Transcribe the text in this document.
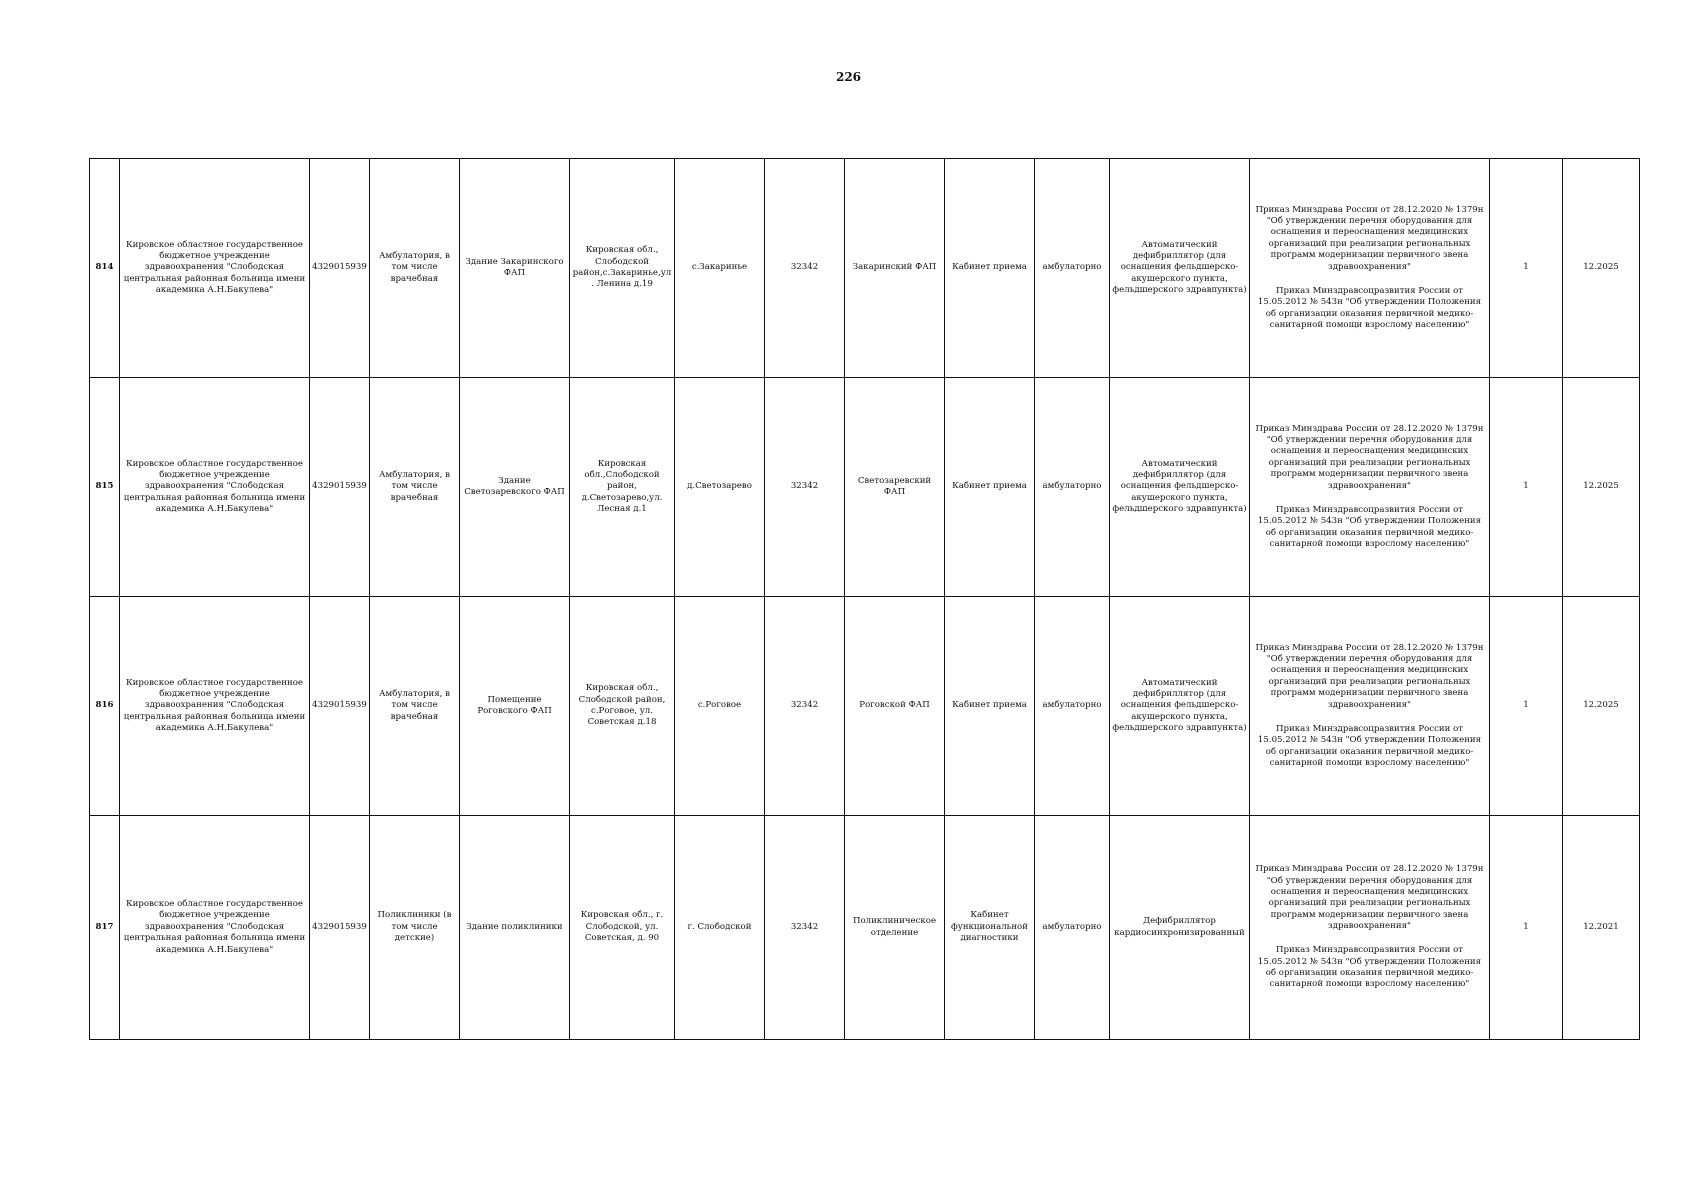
226
814	Кировское областное государственное бюджетное учреждение здравоохранения "Слободская центральная районная больница имени академика А.Н.Бакулева"	4329015939	Амбулатория, в том числе врачебная	Здание Закаринского ФАП	Кировская обл., Слободской район,с.Закаринье,ул. Ленина д.19	с.Закаринье	32342	Закаринский ФАП	Кабинет приема	амбулаторно	Автоматический дефибриллятор (для оснащения фельдшерско-акушерского пункта, фельдшерского здравпункта)	Приказ Минздрава России от 28.12.2020 № 1379н "Об утверждении перечня оборудования для оснащения и переоснащения медицинских организаций при реализации региональных программ модернизации первичного звена здравоохранения"
Приказ Минздравсоцразвития России от 15.05.2012 № 543н "Об утверждении Положения об организации оказания первичной медико-санитарной помощи взрослому населению"	1	12.2025
815	Кировское областное государственное бюджетное учреждение здравоохранения "Слободская центральная районная больница имени академика А.Н.Бакулева"	4329015939	Амбулатория, в том числе врачебная	Здание Светозаревского ФАП	Кировская обл.,Слободской район, д.Светозарево,ул. Лесная д.1	д.Светозарево	32342	Светозаревский ФАП	Кабинет приема	амбулаторно	Автоматический дефибриллятор (для оснащения фельдшерско-акушерского пункта, фельдшерского здравпункта)	Приказ Минздрава России от 28.12.2020 № 1379н "Об утверждении перечня оборудования для оснащения и переоснащения медицинских организаций при реализации региональных программ модернизации первичного звена здравоохранения"
Приказ Минздравсоцразвития России от 15.05.2012 № 543н "Об утверждении Положения об организации оказания первичной медико-санитарной помощи взрослому населению"	1	12.2025
816	Кировское областное государственное бюджетное учреждение здравоохранения "Слободская центральная районная больница имени академика А.Н.Бакулева"	4329015939	Амбулатория, в том числе врачебная	Помещение Роговского ФАП	Кировская обл., Слободской район, с.Роговое, ул. Советская д.18	с.Роговое	32342	Роговской ФАП	Кабинет приема	амбулаторно	Автоматический дефибриллятор (для оснащения фельдшерско-акушерского пункта, фельдшерского здравпункта)	Приказ Минздрава России от 28.12.2020 № 1379н "Об утверждении перечня оборудования для оснащения и переоснащения медицинских организаций при реализации региональных программ модернизации первичного звена здравоохранения"
Приказ Минздравсоцразвития России от 15.05.2012 № 543н "Об утверждении Положения об организации оказания первичной медико-санитарной помощи взрослому населению"	1	12.2025
817	Кировское областное государственное бюджетное учреждение здравоохранения "Слободская центральная районная больница имени академика А.Н.Бакулева"	4329015939	Поликлиники (в том числе детские)	Здание поликлиники	Кировская обл., г. Слободской, ул. Советская, д. 90	г. Слободской	32342	Поликлиническое отделение	Кабинет функциональной диагностики	амбулаторно	Дефибриллятор кардиосинхронизированный	Приказ Минздрава России от 28.12.2020 № 1379н "Об утверждении перечня оборудования для оснащения и переоснащения медицинских организаций при реализации региональных программ модернизации первичного звена здравоохранения"
Приказ Минздравсоцразвития России от 15.05.2012 № 543н "Об утверждении Положения об организации оказания первичной медико-санитарной помощи взрослому населению"	1	12.2021
